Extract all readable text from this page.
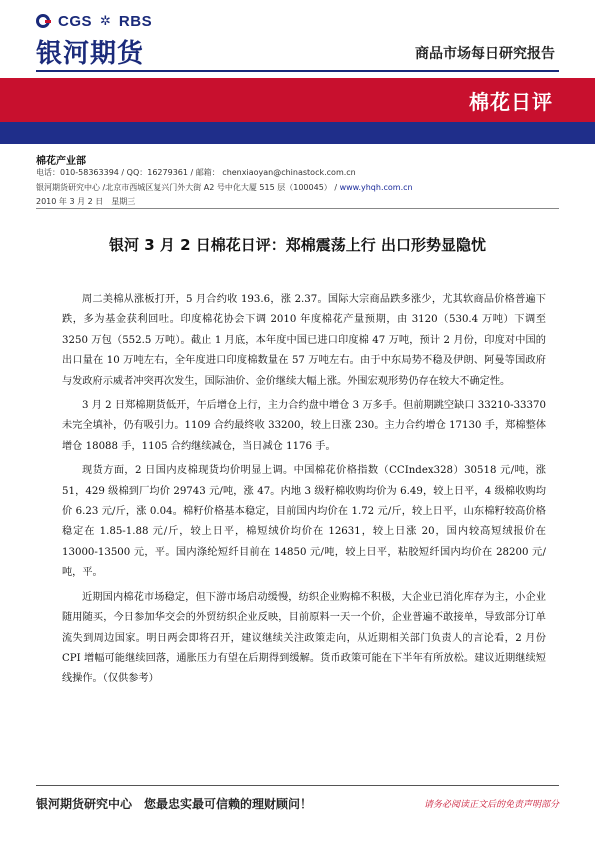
CGS ✲ RBS
银河期货	商品市场每日研究报告
棉花日评
棉花产业部
电话：010-58363394 / QQ：16279361 / 邮箱： chenxiaoyan@chinastock.com.cn
银河期货研究中心 /北京市西城区复兴门外大街 A2 号中化大厦 515 层（100045） / www.yhqh.com.cn
2010 年 3 月 2 日　星期三
银河 3 月 2 日棉花日评：郑棉震荡上行 出口形势显隐忧

周二美棉从涨板打开，5 月合约收 193.6，涨 2.37。国际大宗商品跌多涨少，尤其软商品价格普遍下跌，多为基金获利回吐。印度棉花协会下调 2010 年度棉花产量预期，由 3120（530.4 万吨）下调至 3250 万包（552.5 万吨）。截止 1 月底，本年度中国已进口印度棉 47 万吨，预计 2 月份，印度对中国的出口量在 10 万吨左右，全年度进口印度棉数量在 57 万吨左右。由于中东局势不稳及伊朗、阿曼等国政府与发政府示威者冲突再次发生，国际油价、金价继续大幅上涨。外围宏观形势仍存在较大不确定性。

3 月 2 日郑棉期货低开，午后增仓上行，主力合约盘中增仓 3 万多手。但前期跳空缺口 33210-33370 未完全填补，仍有吸引力。1109 合约最终收 33200，较上日涨 230。主力合约增仓 17130 手，郑棉整体增仓 18088 手，1105 合约继续减仓，当日减仓 1176 手。

现货方面，2 日国内皮棉现货均价明显上调。中国棉花价格指数（CCIndex328）30518 元/吨，涨 51，429 级棉到厂均价 29743 元/吨，涨 47。内地 3 级籽棉收购均价为 6.49，较上日平，4 级棉收购均价 6.23 元/斤，涨 0.04。棉籽价格基本稳定，目前国内均价在 1.72 元/斤，较上日平，山东棉籽较高价格稳定在 1.85-1.88 元/斤，较上日平，棉短绒价均价在 12631，较上日涨 20，国内较高短绒报价在 13000-13500 元，平。国内涤纶短纤目前在 14850 元/吨，较上日平，粘胶短纤国内均价在 28200 元/吨，平。

近期国内棉花市场稳定，但下游市场启动缓慢，纺织企业购棉不积极，大企业已消化库存为主，小企业随用随买，今日参加华交会的外贸纺织企业反映，目前原料一天一个价，企业普遍不敢接单，导致部分订单流失到周边国家。明日两会即将召开，建议继续关注政策走向，从近期相关部门负责人的言论看，2 月份 CPI 增幅可能继续回落，通胀压力有望在后期得到缓解。货币政策可能在下半年有所放松。建议近期继续短线操作。（仅供参考）

银河期货研究中心　您最忠实最可信赖的理财顾问！	请务必阅读正文后的免责声明部分
